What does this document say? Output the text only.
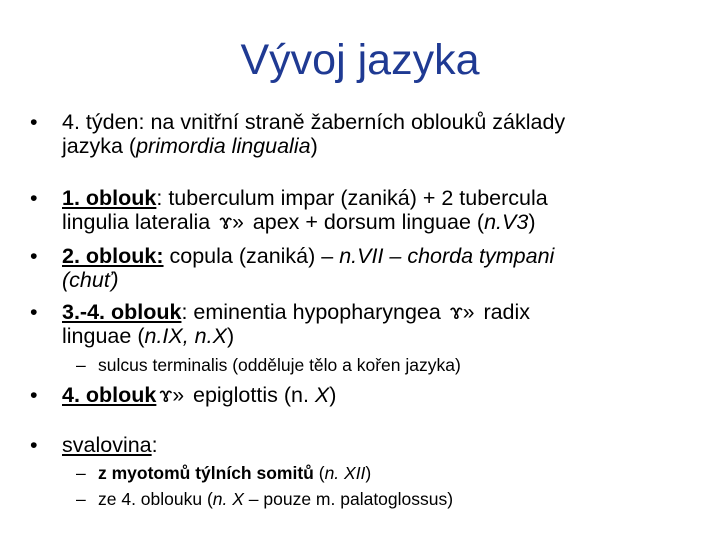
Vývoj jazyka
• 4. týden: na vnitřní straně žaberních oblouků základy
jazyka (primordia lingualia)
• 1. oblouk: tuberculum impar (zaniká) + 2 tubercula
lingulia lateralia ɤ» apex + dorsum linguae (n.V3)
• 2. oblouk: copula (zaniká) – n.VII – chorda tympani
(chuť)
• 3.-4. oblouk: eminentia hypopharyngea ɤ» radix
linguae (n.IX, n.X)
– sulcus terminalis (odděluje tělo a kořen jazyka)
• 4. oblouk ɤ» epiglottis (n. X)
• svalovina:
– z myotomů týlních somitů (n. XII)
– ze 4. oblouku (n. X – pouze m. palatoglossus)
